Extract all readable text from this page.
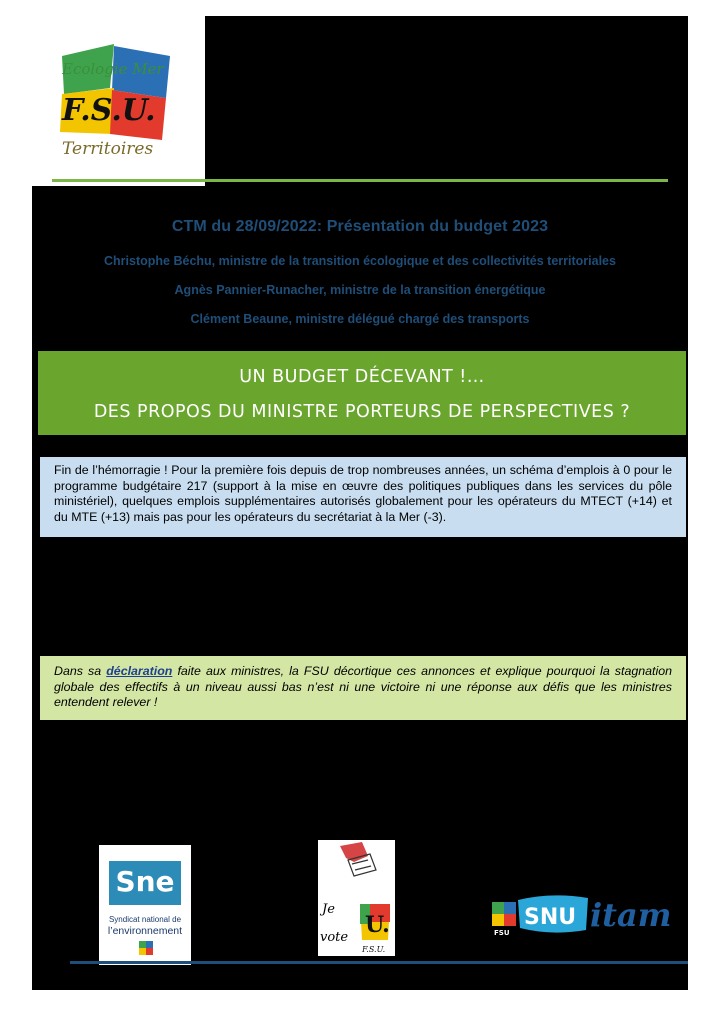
Ecologie Mer
F.S.U.
Territoires
CTM du 28/09/2022: Présentation du budget 2023
Christophe Béchu, ministre de la transition écologique et des collectivités territoriales
Agnès Pannier-Runacher, ministre de la transition énergétique
Clément Beaune, ministre délégué chargé des transports
UN BUDGET DÉCEVANT !…
DES PROPOS DU MINISTRE PORTEURS DE PERSPECTIVES ?
Fin de l’hémorragie ! Pour la première fois depuis de trop nombreuses années, un schéma d’emplois à 0 pour le programme budgétaire 217 (support à la mise en œuvre des politiques publiques dans les services du pôle ministériel), quelques emplois supplémentaires autorisés globalement pour les opérateurs du MTECT (+14) et du MTE (+13) mais pas pour les opérateurs du secrétariat à la Mer (-3).
Dans sa déclaration faite aux ministres, la FSU décortique ces annonces et explique pourquoi la stagnation globale des effectifs à un niveau aussi bas n’est ni une victoire ni une réponse aux défis que les ministres entendent relever !
Sne
Syndicat national de
l’environnement	U.
F.S.U.
Je
vote	FSU
SNU itam
